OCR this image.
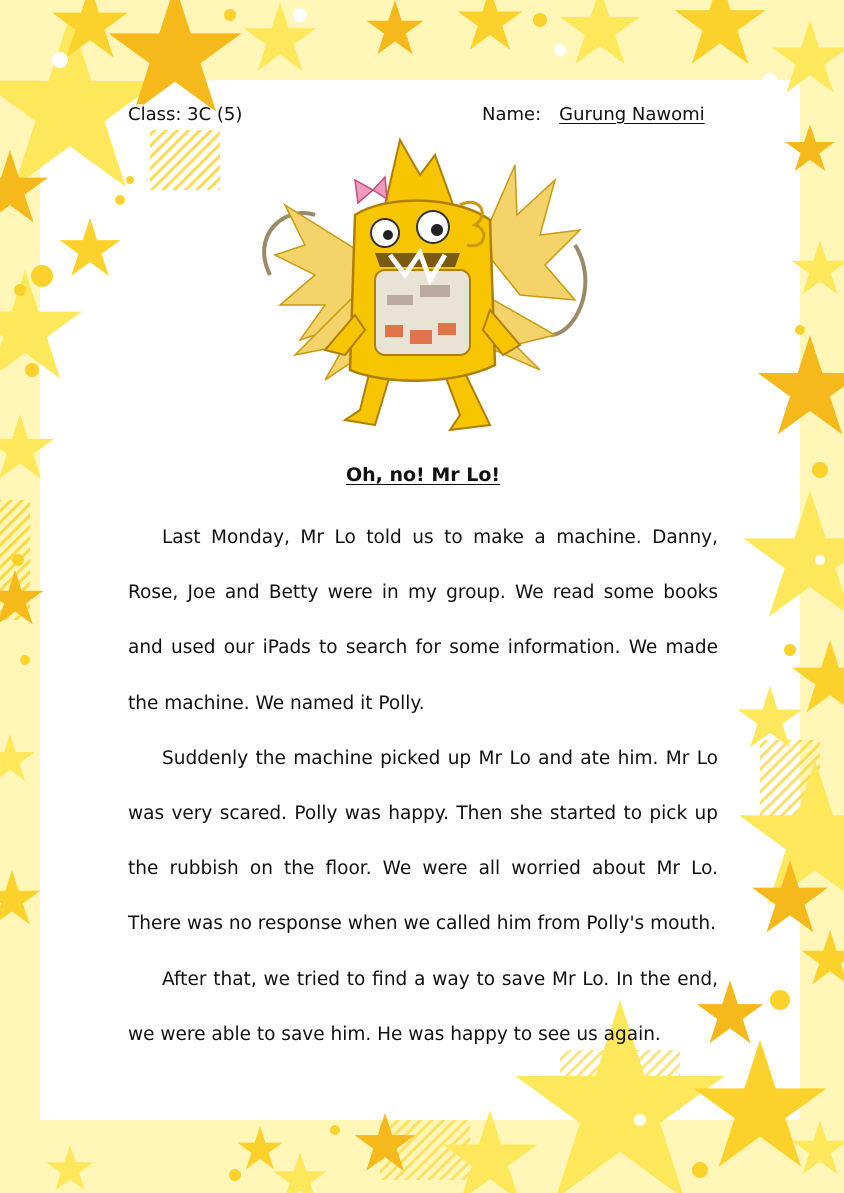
Class: 3C (5)	Name: Gurung Nawomi
Oh, no! Mr Lo!

Last Monday, Mr Lo told us to make a machine. Danny, Rose, Joe and Betty were in my group. We read some books and used our iPads to search for some information. We made the machine. We named it Polly.

Suddenly the machine picked up Mr Lo and ate him. Mr Lo was very scared. Polly was happy. Then she started to pick up the rubbish on the floor. We were all worried about Mr Lo. There was no response when we called him from Polly's mouth.

After that, we tried to find a way to save Mr Lo. In the end, we were able to save him. He was happy to see us again.
